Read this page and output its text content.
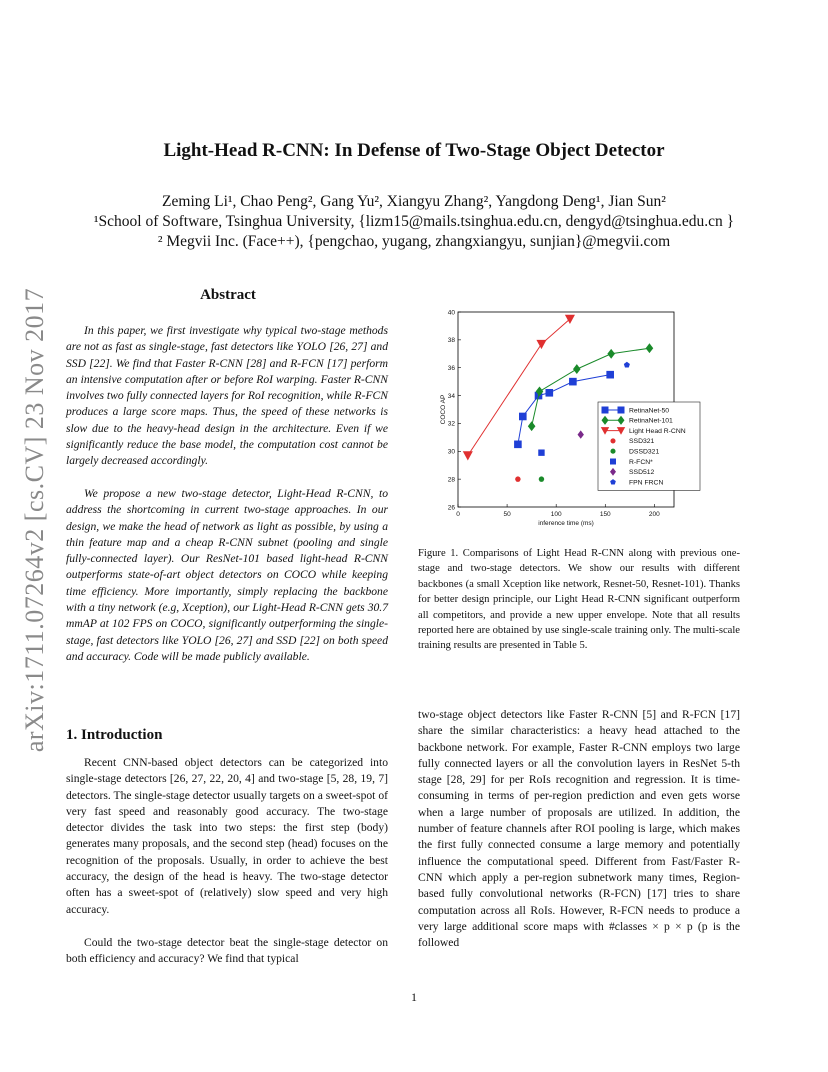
arXiv:1711.07264v2 [cs.CV] 23 Nov 2017
Light-Head R-CNN: In Defense of Two-Stage Object Detector
Zeming Li¹, Chao Peng², Gang Yu², Xiangyu Zhang², Yangdong Deng¹, Jian Sun²
¹School of Software, Tsinghua University, {lizm15@mails.tsinghua.edu.cn, dengyd@tsinghua.edu.cn }
² Megvii Inc. (Face++), {pengchao, yugang, zhangxiangyu, sunjian}@megvii.com
Abstract
In this paper, we first investigate why typical two-stage methods are not as fast as single-stage, fast detectors like YOLO [26, 27] and SSD [22]. We find that Faster R-CNN [28] and R-FCN [17] perform an intensive computation after or before RoI warping. Faster R-CNN involves two fully connected layers for RoI recognition, while R-FCN produces a large score maps. Thus, the speed of these networks is slow due to the heavy-head design in the architecture. Even if we significantly reduce the base model, the computation cost cannot be largely decreased accordingly.
We propose a new two-stage detector, Light-Head R-CNN, to address the shortcoming in current two-stage approaches. In our design, we make the head of network as light as possible, by using a thin feature map and a cheap R-CNN subnet (pooling and single fully-connected layer). Our ResNet-101 based light-head R-CNN outperforms state-of-art object detectors on COCO while keeping time efficiency. More importantly, simply replacing the backbone with a tiny network (e.g, Xception), our Light-Head R-CNN gets 30.7 mmAP at 102 FPS on COCO, significantly outperforming the single-stage, fast detectors like YOLO [26, 27] and SSD [22] on both speed and accuracy. Code will be made publicly available.
1. Introduction
Recent CNN-based object detectors can be categorized into single-stage detectors [26, 27, 22, 20, 4] and two-stage [5, 28, 19, 7] detectors. The single-stage detector usually targets on a sweet-spot of very fast speed and reasonably good accuracy. The two-stage detector divides the task into two steps: the first step (body) generates many proposals, and the second step (head) focuses on the recognition of the proposals. Usually, in order to achieve the best accuracy, the design of the head is heavy. The two-stage detector often has a sweet-spot of (relatively) slow speed and very high accuracy.
Could the two-stage detector beat the single-stage detector on both efficiency and accuracy? We find that typical
two-stage object detectors like Faster R-CNN [5] and R-FCN [17] share the similar characteristics: a heavy head attached to the backbone network. For example, Faster R-CNN employs two large fully connected layers or all the convolution layers in ResNet 5-th stage [28, 29] for per RoIs recognition and regression. It is time-consuming in terms of per-region prediction and even gets worse when a large number of proposals are utilized. In addition, the number of feature channels after ROI pooling is large, which makes the first fully connected consume a large memory and potentially influence the computational speed. Different from Fast/Faster R-CNN which apply a per-region subnetwork many times, Region-based fully convolutional networks (R-FCN) [17] tries to share computation across all RoIs. However, R-FCN needs to produce a very large additional score maps with #classes × p × p (p is the followed
0	50	100	150	200
26
28
30
32
34
36
38
40
inference time (ms)
COCO AP	RetinaNet-50
RetinaNet-101
Light Head R-CNN
SSD321
DSSD321
R-FCN*
SSD512
FPN FRCN
Figure 1. Comparisons of Light Head R-CNN along with previous one-stage and two-stage detectors. We show our results with different backbones (a small Xception like network, Resnet-50, Resnet-101). Thanks for better design principle, our Light Head R-CNN significant outperform all competitors, and provide a new upper envelope. Note that all results reported here are obtained by use single-scale training only. The multi-scale training results are presented in Table 5.
1
